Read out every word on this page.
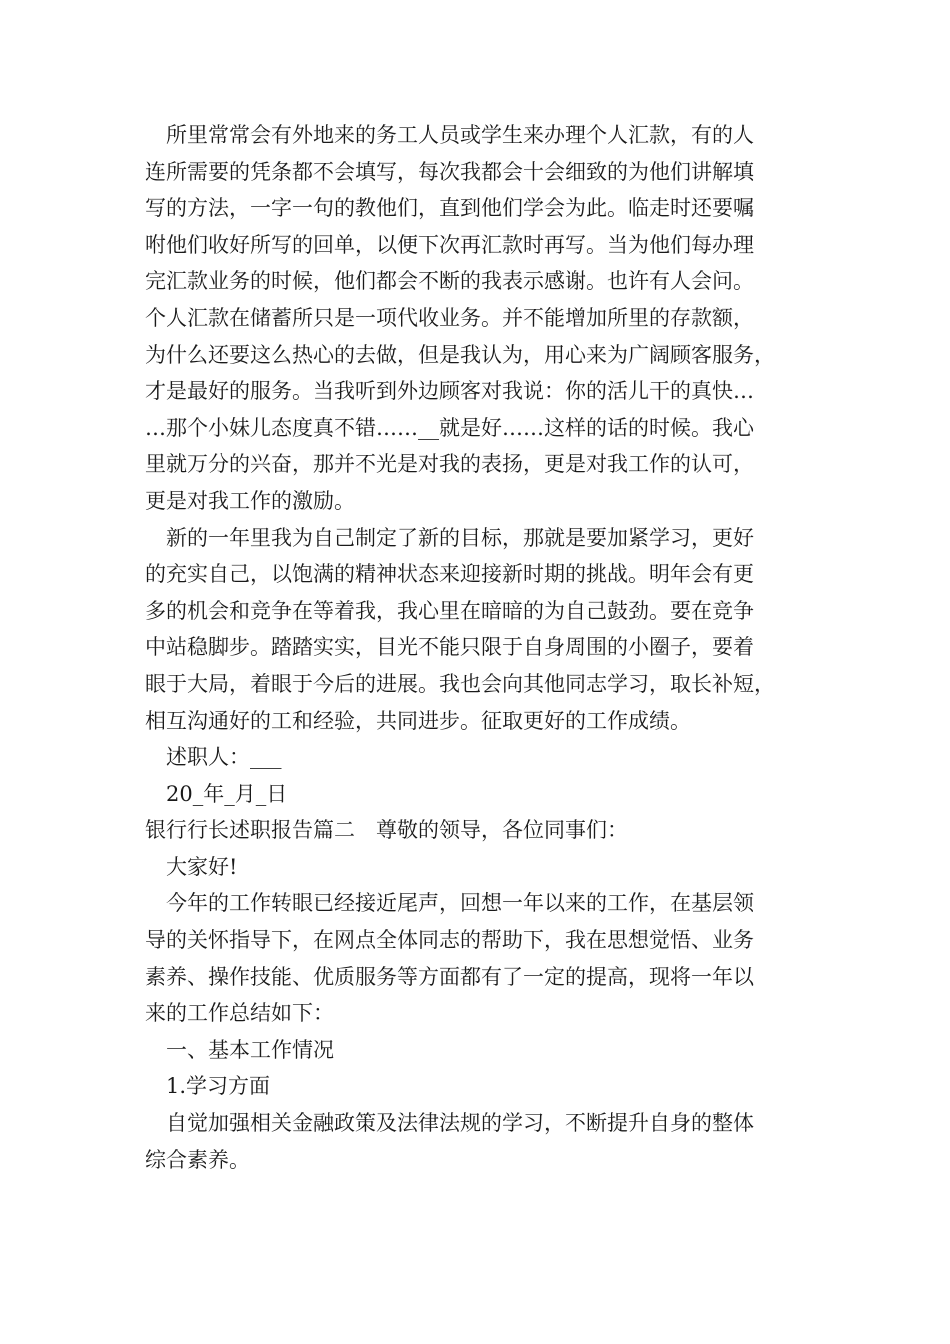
所里常常会有外地来的务工人员或学生来办理个人汇款，有的人
连所需要的凭条都不会填写，每次我都会十会细致的为他们讲解填
写的方法，一字一句的教他们，直到他们学会为此。临走时还要嘱
咐他们收好所写的回单，以便下次再汇款时再写。当为他们每办理
完汇款业务的时候，他们都会不断的我表示感谢。也许有人会问。
个人汇款在储蓄所只是一项代收业务。并不能增加所里的存款额，
为什么还要这么热心的去做，但是我认为，用心来为广阔顾客服务，
才是最好的服务。当我听到外边顾客对我说：你的活儿干的真快…
…那个小妹儿态度真不错……__就是好……这样的话的时候。我心
里就万分的兴奋，那并不光是对我的表扬，更是对我工作的认可，
更是对我工作的激励。
新的一年里我为自己制定了新的目标，那就是要加紧学习，更好
的充实自己，以饱满的精神状态来迎接新时期的挑战。明年会有更
多的机会和竞争在等着我，我心里在暗暗的为自己鼓劲。要在竞争
中站稳脚步。踏踏实实，目光不能只限于自身周围的小圈子，要着
眼于大局，着眼于今后的进展。我也会向其他同志学习，取长补短，
相互沟通好的工和经验，共同进步。征取更好的工作成绩。
述职人：___
20_年_月_日
银行行长述职报告篇二　尊敬的领导，各位同事们：
大家好!
今年的工作转眼已经接近尾声，回想一年以来的工作，在基层领
导的关怀指导下，在网点全体同志的帮助下，我在思想觉悟、业务
素养、操作技能、优质服务等方面都有了一定的提高，现将一年以
来的工作总结如下：
一、基本工作情况
1.学习方面
自觉加强相关金融政策及法律法规的学习，不断提升自身的整体
综合素养。
